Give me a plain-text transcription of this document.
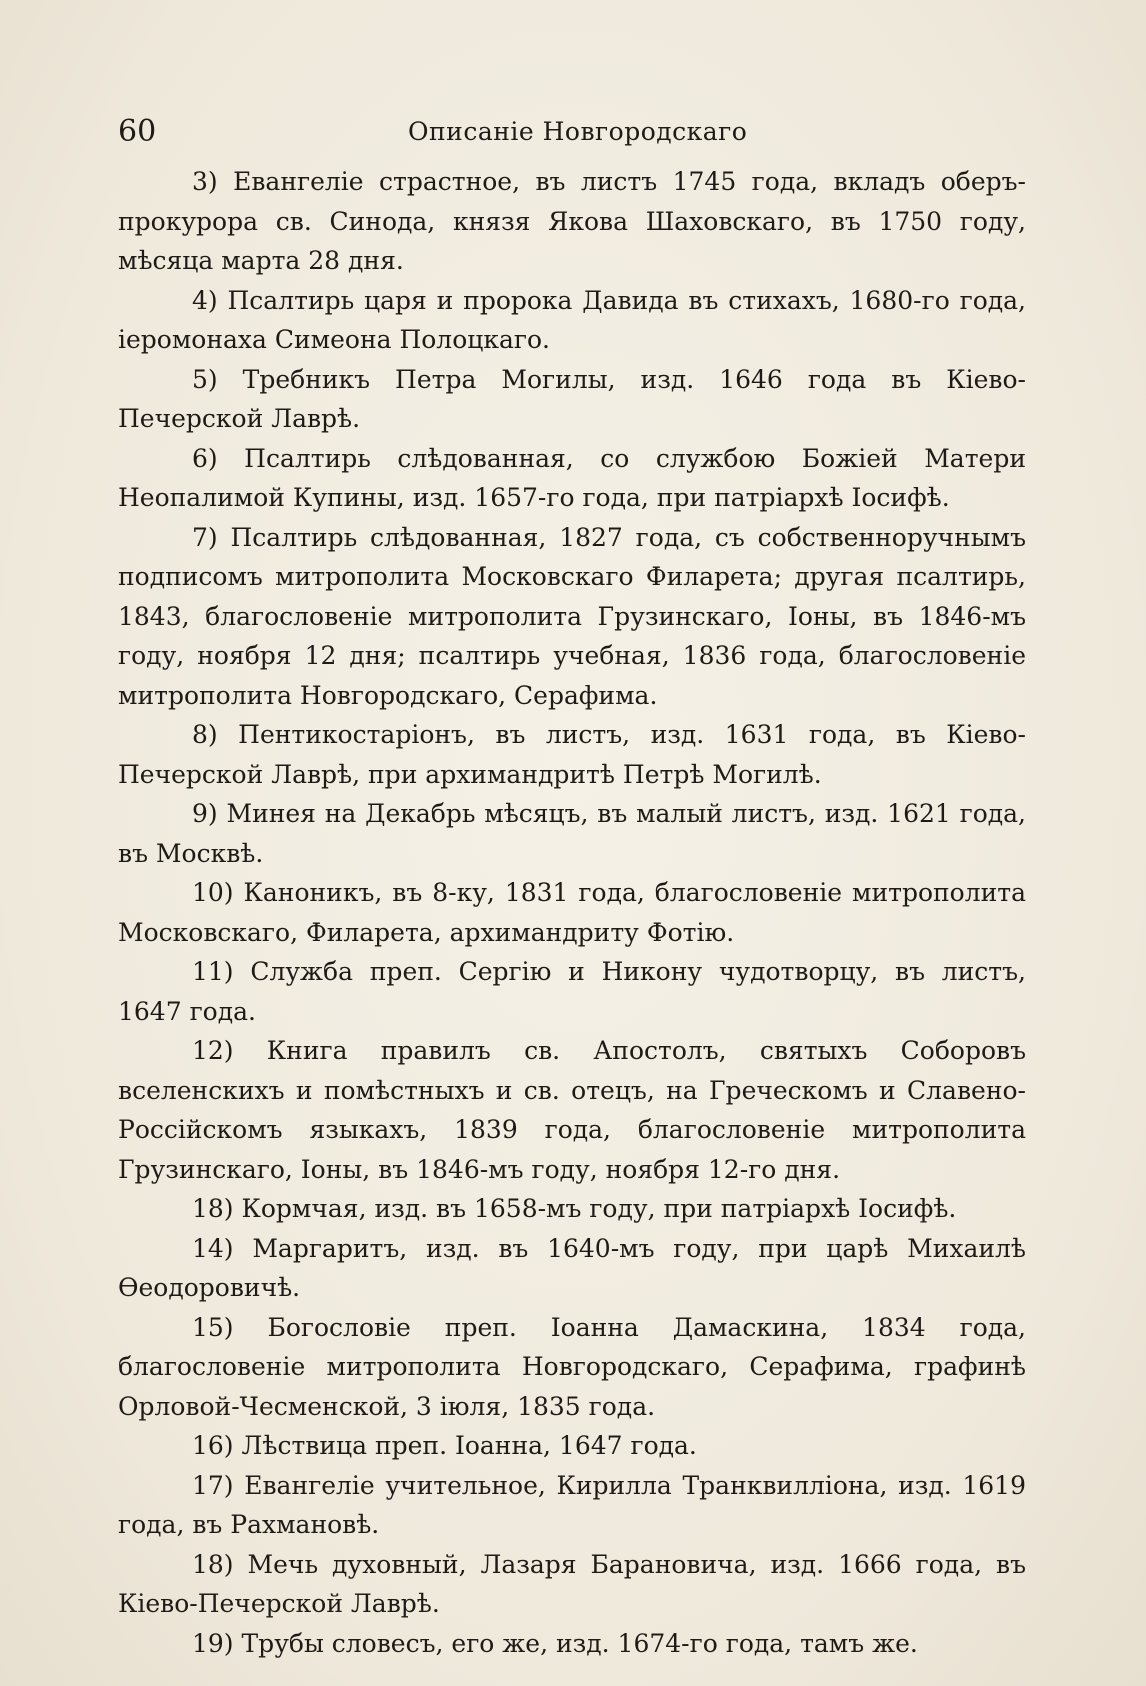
60	Описаніе Новгородскаго

3) Евангеліе страстное, въ листъ 1745 года, вкладъ оберъ-прокурора св. Синода, князя Якова Шаховскаго, въ 1750 году, мѣсяца марта 28 дня.

4) Псалтирь царя и пророка Давида въ стихахъ, 1680-го года, іеромонаха Симеона Полоцкаго.

5) Требникъ Петра Могилы, изд. 1646 года въ Кіево-Печерской Лаврѣ.

6) Псалтирь слѣдованная, со службою Божіей Матери Неопалимой Купины, изд. 1657-го года, при патріархѣ Іосифѣ.

7) Псалтирь слѣдованная, 1827 года, съ собственноручнымъ подписомъ митрополита Московскаго Филарета; другая псалтирь, 1843, благословеніе митрополита Грузинскаго, Іоны, въ 1846-мъ году, ноября 12 дня; псалтирь учебная, 1836 года, благословеніе митрополита Новгородскаго, Серафима.

8) Пентикостаріонъ, въ листъ, изд. 1631 года, въ Кіево-Печерской Лаврѣ, при архимандритѣ Петрѣ Могилѣ.

9) Минея на Декабрь мѣсяцъ, въ малый листъ, изд. 1621 года, въ Москвѣ.

10) Каноникъ, въ 8-ку, 1831 года, благословеніе митрополита Московскаго, Филарета, архимандриту Фотію.

11) Служба преп. Сергію и Никону чудотворцу, въ листъ, 1647 года.

12) Книга правилъ св. Апостолъ, святыхъ Соборовъ вселенскихъ и помѣстныхъ и св. отецъ, на Греческомъ и Славено-Россійскомъ языкахъ, 1839 года, благословеніе митрополита Грузинскаго, Іоны, въ 1846-мъ году, ноября 12-го дня.

18) Кормчая, изд. въ 1658-мъ году, при патріархѣ Іосифѣ.

14) Маргаритъ, изд. въ 1640-мъ году, при царѣ Михаилѣ Ѳеодоровичѣ.

15) Богословіе преп. Іоанна Дамаскина, 1834 года, благословеніе митрополита Новгородскаго, Серафима, графинѣ Орловой-Чесменской, 3 іюля, 1835 года.

16) Лѣствица преп. Іоанна, 1647 года.

17) Евангеліе учительное, Кирилла Транквилліона, изд. 1619 года, въ Рахмановѣ.

18) Мечь духовный, Лазаря Барановича, изд. 1666 года, въ Кіево-Печерской Лаврѣ.

19) Трубы словесъ, его же, изд. 1674-го года, тамъ же.
